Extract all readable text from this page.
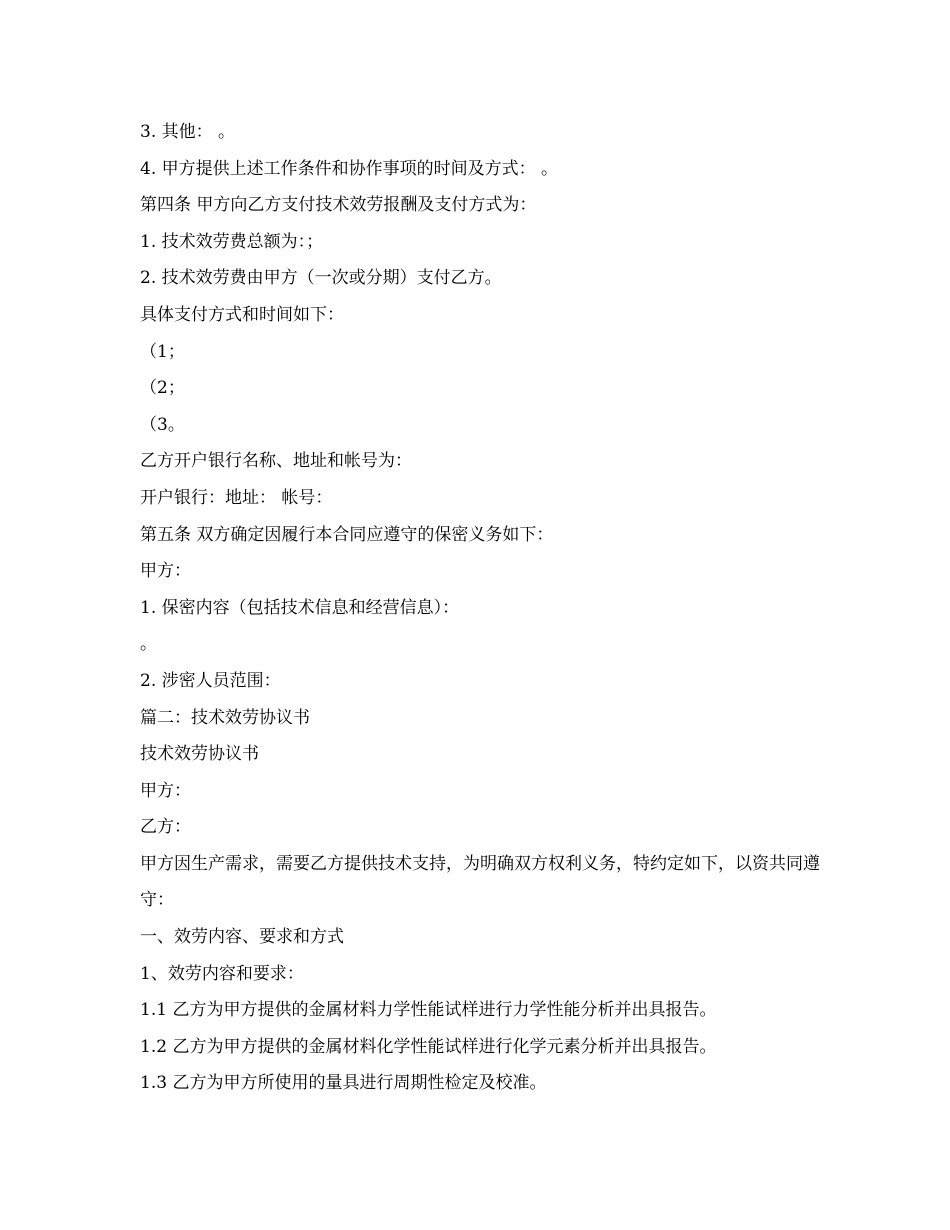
3. 其他： 。
4. 甲方提供上述工作条件和协作事项的时间及方式： 。
第四条 甲方向乙方支付技术效劳报酬及支付方式为：
1. 技术效劳费总额为：；
2. 技术效劳费由甲方（一次或分期）支付乙方。
具体支付方式和时间如下：
（1；
（2；
（3。
乙方开户银行名称、地址和帐号为：
开户银行：地址： 帐号：
第五条 双方确定因履行本合同应遵守的保密义务如下：
甲方：
1. 保密内容（包括技术信息和经营信息）：
。
2. 涉密人员范围：
篇二：技术效劳协议书
技术效劳协议书
甲方：
乙方：
甲方因生产需求，需要乙方提供技术支持，为明确双方权利义务，特约定如下，以资共同遵守：
一、效劳内容、要求和方式
1、效劳内容和要求：
1.1 乙方为甲方提供的金属材料力学性能试样进行力学性能分析并出具报告。
1.2 乙方为甲方提供的金属材料化学性能试样进行化学元素分析并出具报告。
1.3 乙方为甲方所使用的量具进行周期性检定及校准。
